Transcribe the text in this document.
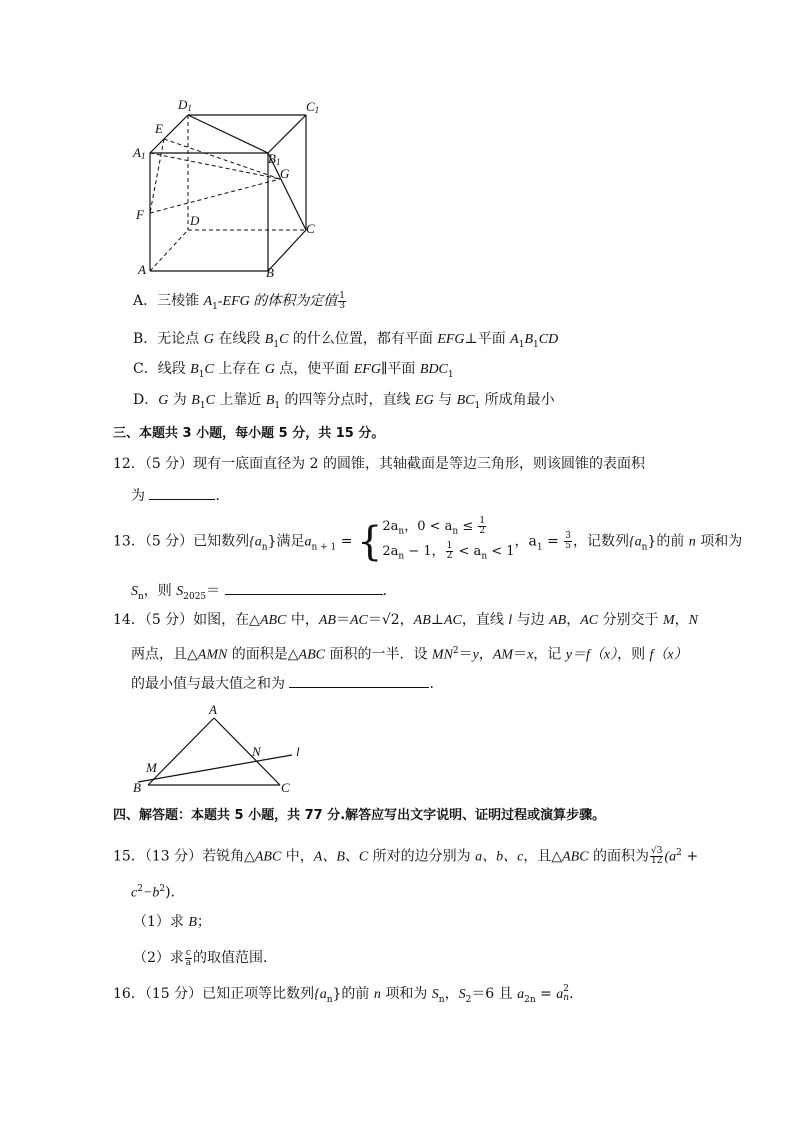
D1	C1
E
A1	B1
G
F	D
C
A	B
A．三棱锥 $A_1$-EFG 的体积为定值 $\frac{1}{3}$
B．无论点 G 在线段 $B_1C$ 的什么位置，都有平面 EFG⊥平面 $A_1B_1CD$
C．线段 $B_1C$ 上存在 G 点，使平面 EFG∥平面 $BDC_1$
D．G 为 $B_1C$ 上靠近 $B_1$ 的四等分点时，直线 EG 与 $BC_1$ 所成角最小
三、本题共 3 小题，每小题 5 分，共 15 分。
12．（5 分）现有一底面直径为 2 的圆锥，其轴截面是等边三角形，则该圆锥的表面积
为	．
13．（5 分）已知数列$\{a_n\}$满足$a_{n + 1}$ = { $2a_n$，$0 < a_n \le \frac{1}{2}$
$2a_n - 1$， $\frac{1}{2} < a_n < 1$
，$a_1 = \frac{3}{5}$ ，记数列$\{a_n\}$的前 n 项和为
$S_n$，则 $S_{2025}=$	．
14．（5 分）如图，在△ABC 中，AB＝AC＝√2，AB⊥AC，直线 l 与边 AB，AC 分别交于 M，N
两点，且△AMN 的面积是△ABC 面积的一半．设 $MN^2=y$，AM＝x，记 y＝f（x），则 f（x）
的最小值与最大值之和为	．
A
N	l
M
B	C
四、解答题：本题共 5 小题，共 77 分.解答应写出文字说明、证明过程或演算步骤。
15．（13 分）若锐角△ABC 中，A、B、C 所对的边分别为 a、b、c，且△ABC 的面积为 $\frac{√3}{12} (a^2$ +
$c^2-b^2$)．
（1）求 B；
（2）求 $\frac{c}{a}$ 的取值范围．
16．（15 分）已知正项等比数列$\{a_n\}$的前 n 项和为 $S_n$，$S_2=6$ 且 $a_{2n} = a$ 2
n ．
